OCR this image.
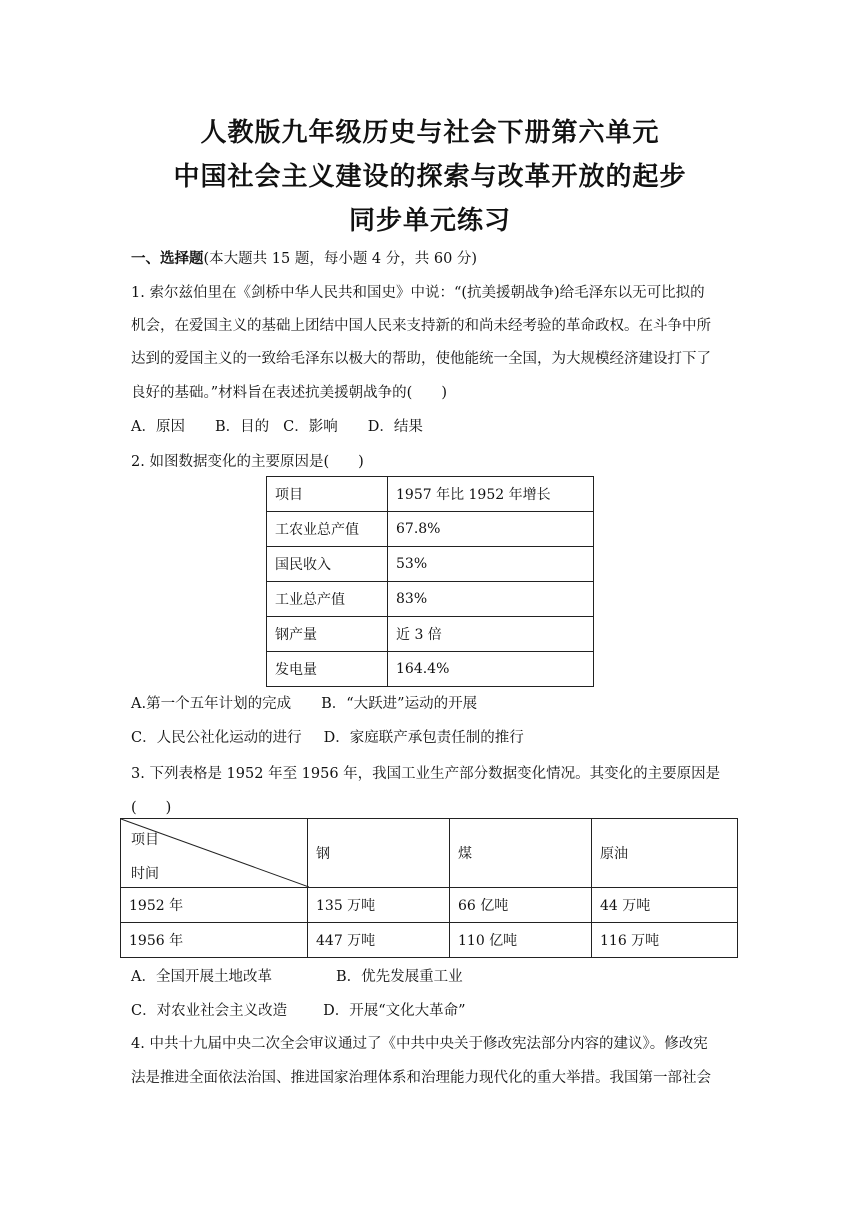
人教版九年级历史与社会下册第六单元
中国社会主义建设的探索与改革开放的起步
同步单元练习
一、选择题(本大题共 15 题，每小题 4 分，共 60 分)
1. 索尔兹伯里在《剑桥中华人民共和国史》中说：“(抗美援朝战争)给毛泽东以无可比拟的
机会，在爱国主义的基础上团结中国人民来支持新的和尚未经考验的革命政权。在斗争中所
达到的爱国主义的一致给毛泽东以极大的帮助，使他能统一全国，为大规模经济建设打下了
良好的基础。”材料旨在表述抗美援朝战争的(　　)
A．原因 B．目的 C．影响 D．结果
2. 如图数据变化的主要原因是(　　)
项目	1957 年比 1952 年增长
工农业总产值	67.8%
国民收入	53%
工业总产值	83%
钢产量	近 3 倍
发电量	164.4%
A.第一个五年计划的完成 B．“大跃进”运动的开展
C．人民公社化运动的进行 D．家庭联产承包责任制的推行
3. 下列表格是 1952 年至 1956 年，我国工业生产部分数据变化情况。其变化的主要原因是
(　　)
项目
时间	钢	煤	原油
1952 年	135 万吨	66 亿吨	44 万吨
1956 年	447 万吨	110 亿吨	116 万吨
A．全国开展土地改革	B．优先发展重工业
C．对农业社会主义改造 D．开展“文化大革命”
4. 中共十九届中央二次全会审议通过了《中共中央关于修改宪法部分内容的建议》。修改宪
法是推进全面依法治国、推进国家治理体系和治理能力现代化的重大举措。我国第一部社会
